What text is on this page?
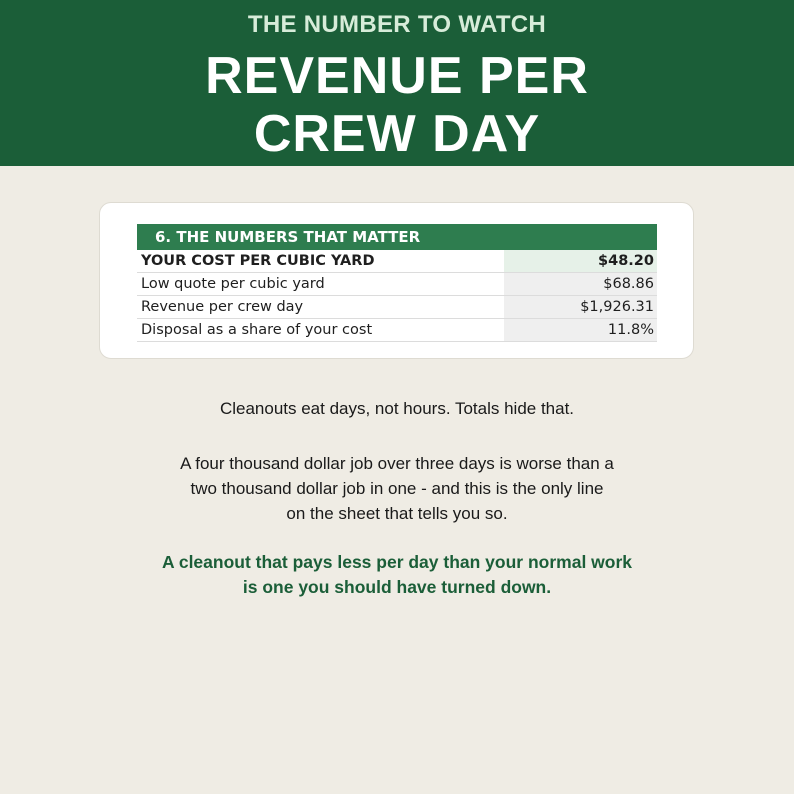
THE NUMBER TO WATCH
REVENUE PER
CREW DAY
6. THE NUMBERS THAT MATTER	
YOUR COST PER CUBIC YARD	$48.20
Low quote per cubic yard	$68.86
Revenue per crew day	$1,926.31
Disposal as a share of your cost	11.8%

Cleanouts eat days, not hours. Totals hide that.

A four thousand dollar job over three days is worse than a
two thousand dollar job in one - and this is the only line
on the sheet that tells you so.
A cleanout that pays less per day than your normal work
is one you should have turned down.
